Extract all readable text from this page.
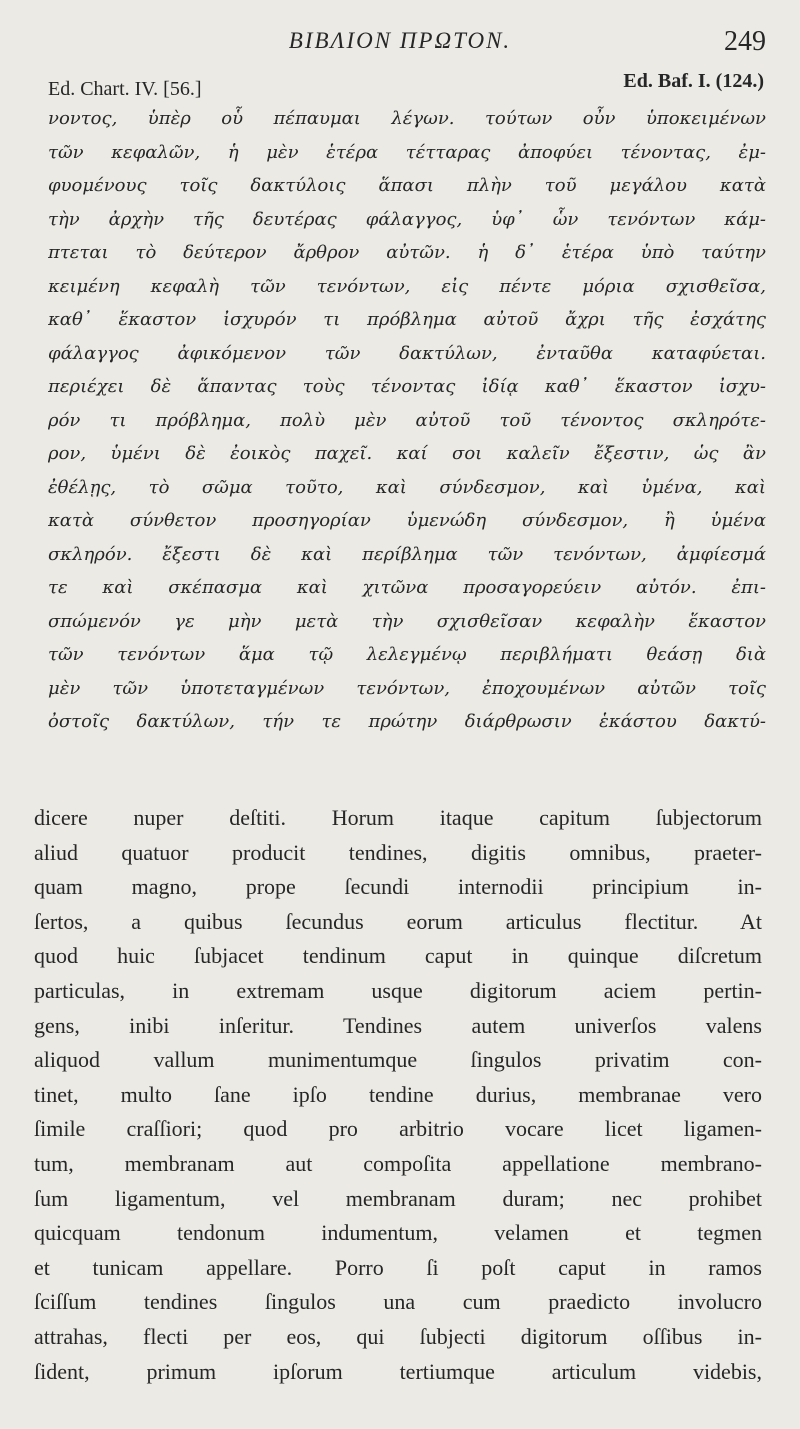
ΒΙΒΛΙΟΝ ΠΡΩΤΟΝ.	249
Ed. Chart. IV. [56.]	Ed. Baf. I. (124.)
νοντος, ὑπὲρ οὗ πέπαυμαι λέγων. τούτων οὖν ὑποκειμένων
τῶν κεφαλῶν, ἡ μὲν ἑτέρα τέτταρας ἀποφύει τένοντας, ἐμ-
φυομένους τοῖς δακτύλοις ἅπασι πλὴν τοῦ μεγάλου κατὰ
τὴν ἀρχὴν τῆς δευτέρας φάλαγγος, ὑφ᾽ ὧν τενόντων κάμ-
πτεται τὸ δεύτερον ἄρθρον αὐτῶν. ἡ δ᾽ ἑτέρα ὑπὸ ταύτην
κειμένη κεφαλὴ τῶν τενόντων, εἰς πέντε μόρια σχισθεῖσα,
καθ᾽ ἕκαστον ἰσχυρόν τι πρόβλημα αὐτοῦ ἄχρι τῆς ἐσχάτης
φάλαγγος ἀφικόμενον τῶν δακτύλων, ἐνταῦθα καταφύεται.
περιέχει δὲ ἅπαντας τοὺς τένοντας ἰδίᾳ καθ᾽ ἕκαστον ἰσχυ-
ρόν τι πρόβλημα, πολὺ μὲν αὐτοῦ τοῦ τένοντος σκληρότε-
ρον, ὑμένι δὲ ἐοικὸς παχεῖ. καί σοι καλεῖν ἔξεστιν, ὡς ἂν
ἐθέλῃς, τὸ σῶμα τοῦτο, καὶ σύνδεσμον, καὶ ὑμένα, καὶ
κατὰ σύνθετον προσηγορίαν ὑμενώδη σύνδεσμον, ἢ ὑμένα
σκληρόν. ἔξεστι δὲ καὶ περίβλημα τῶν τενόντων, ἀμφίεσμά
τε καὶ σκέπασμα καὶ χιτῶνα προσαγορεύειν αὐτόν. ἐπι-
σπώμενόν γε μὴν μετὰ τὴν σχισθεῖσαν κεφαλὴν ἕκαστον
τῶν τενόντων ἅμα τῷ λελεγμένῳ περιβλήματι θεάσῃ διὰ
μὲν τῶν ὑποτεταγμένων τενόντων, ἐποχουμένων αὐτῶν τοῖς
ὀστοῖς δακτύλων, τήν τε πρώτην διάρθρωσιν ἑκάστου δακτύ-
dicere nuper deſtiti. Horum itaque capitum ſubjectorum
aliud quatuor producit tendines, digitis omnibus, praeter-
quam magno, prope ſecundi internodii principium in-
ſertos, a quibus ſecundus eorum articulus flectitur. At
quod huic ſubjacet tendinum caput in quinque diſcretum
particulas, in extremam usque digitorum aciem pertin-
gens, inibi inſeritur. Tendines autem univerſos valens
aliquod vallum munimentumque ſingulos privatim con-
tinet, multo ſane ipſo tendine durius, membranae vero
ſimile craſſiori; quod pro arbitrio vocare licet ligamen-
tum, membranam aut compoſita appellatione membrano-
ſum ligamentum, vel membranam duram; nec prohibet
quicquam tendonum indumentum, velamen et tegmen
et tunicam appellare. Porro ſi poſt caput in ramos
ſciſſum tendines ſingulos una cum praedicto involucro
attrahas, flecti per eos, qui ſubjecti digitorum oſſibus in-
ſident, primum ipſorum tertiumque articulum videbis,
